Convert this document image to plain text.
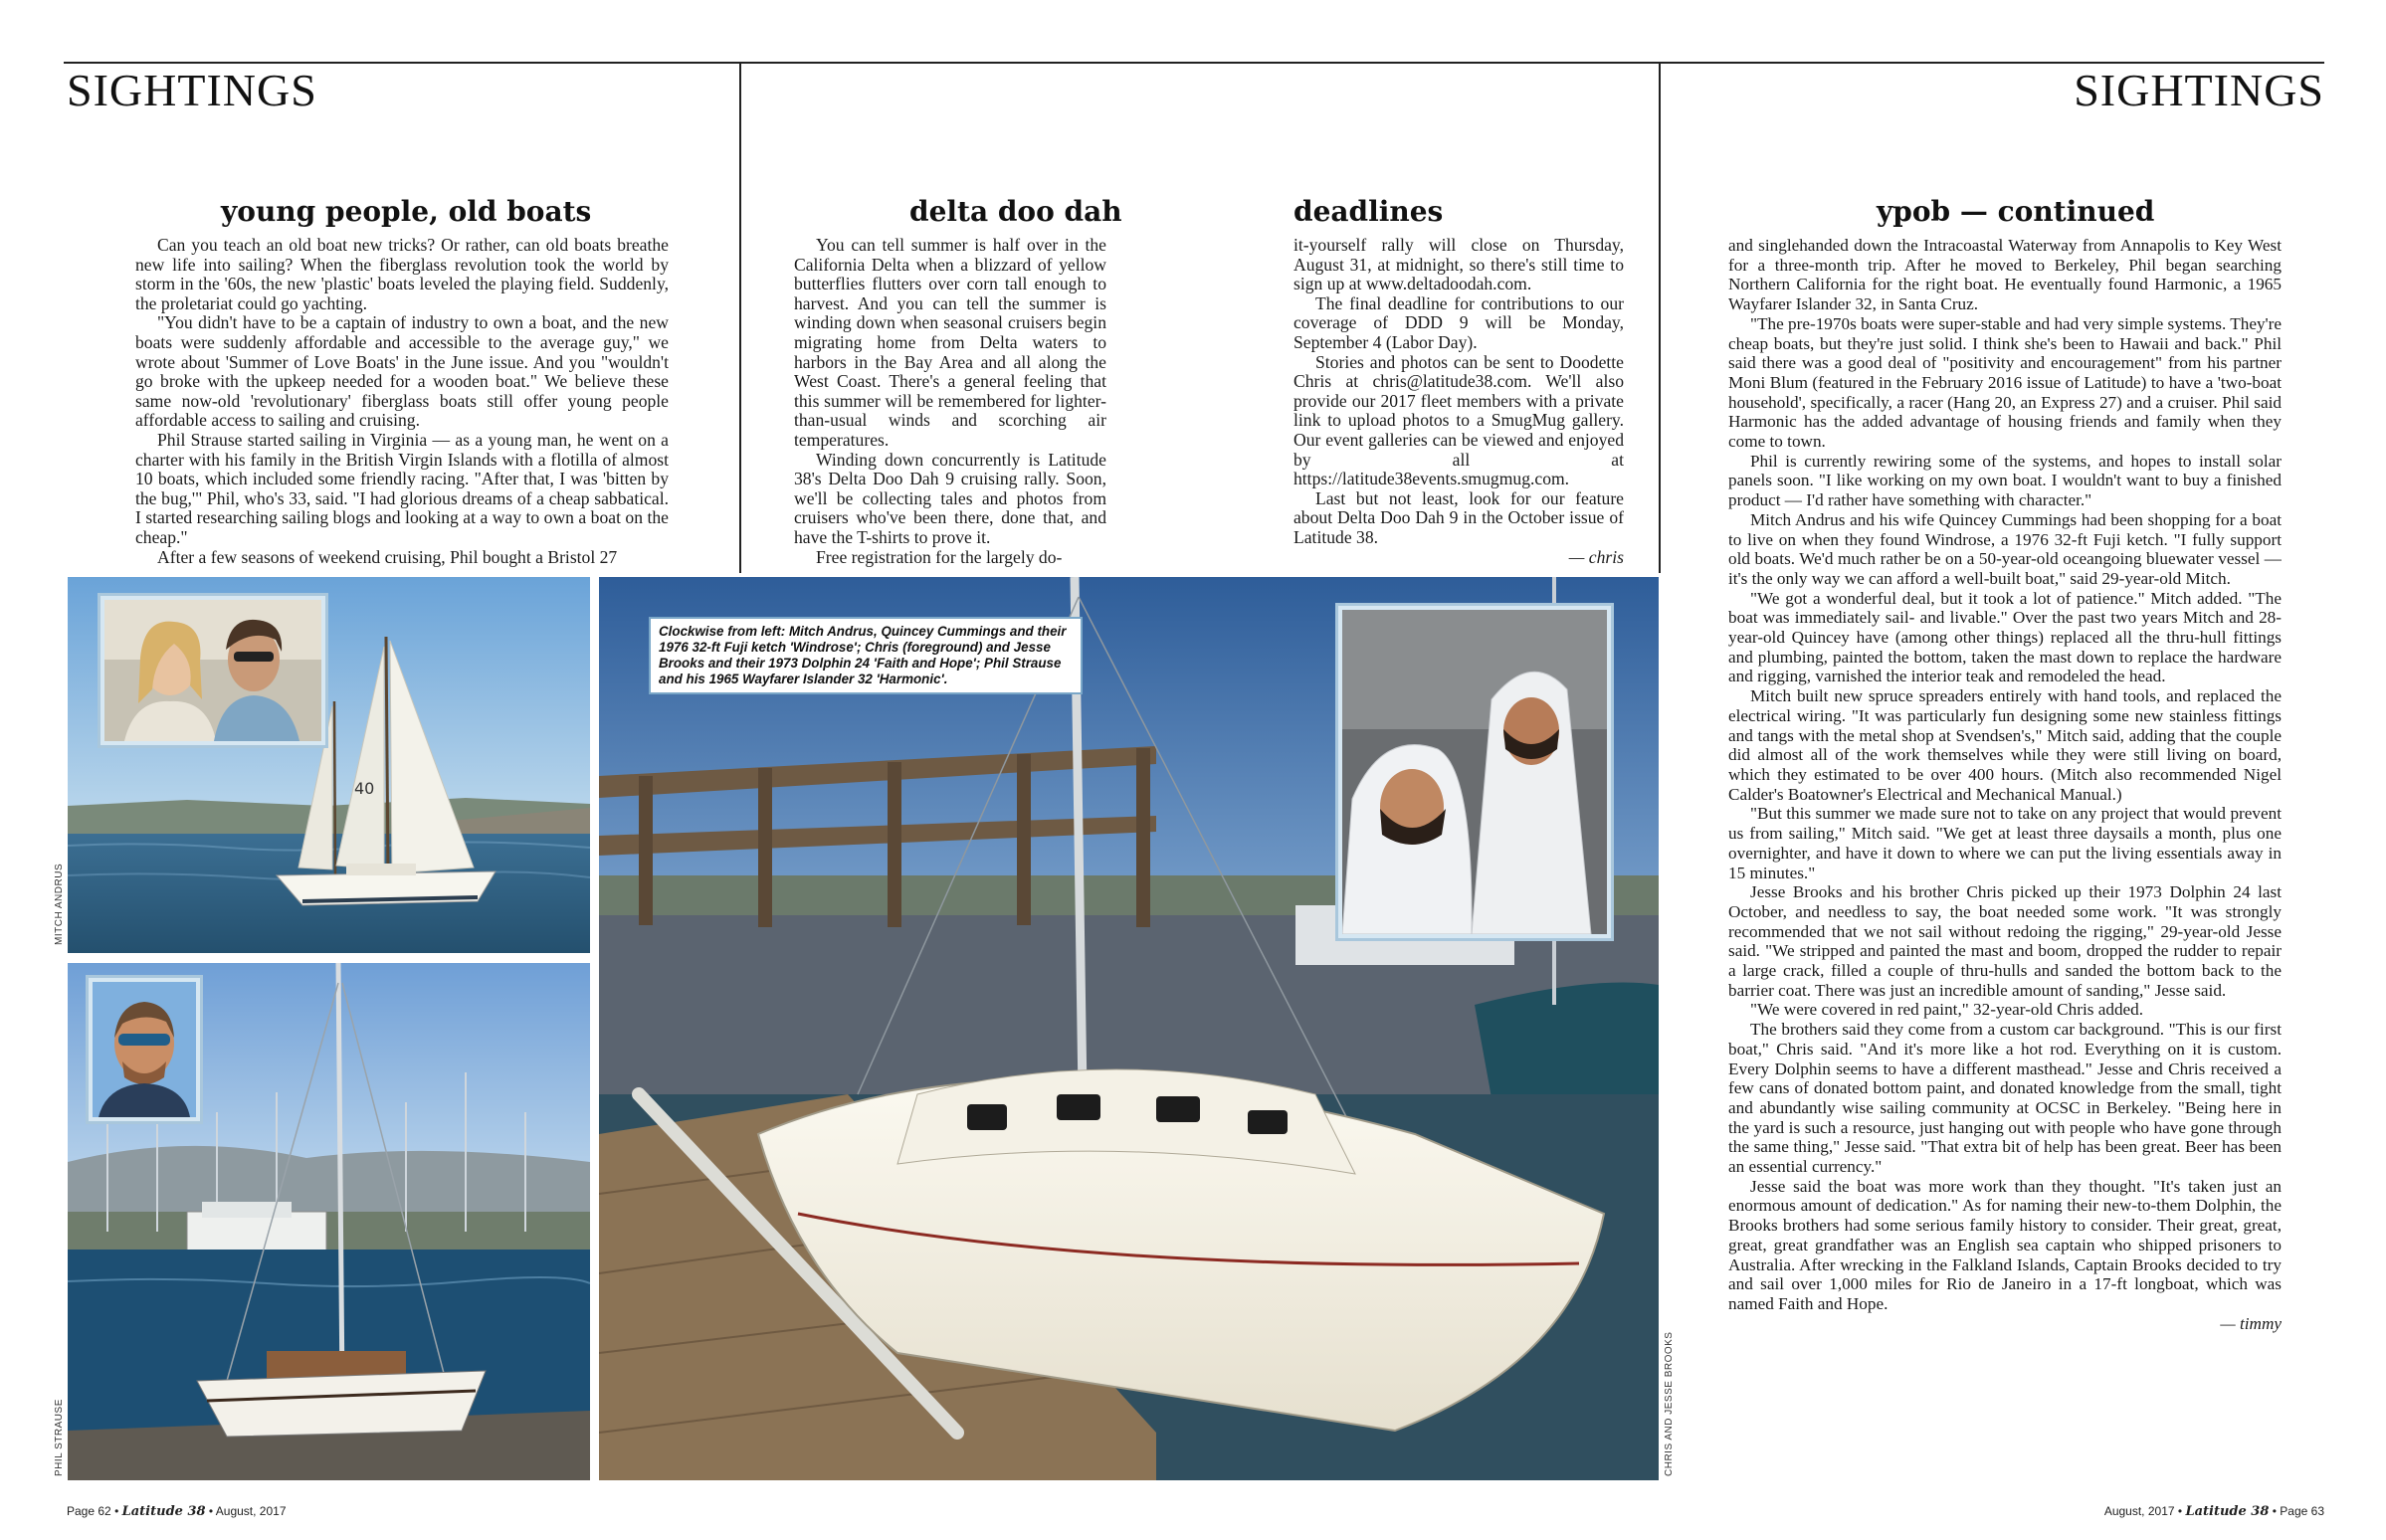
SIGHTINGS	SIGHTINGS
young people, old boats	delta doo dah	deadlines	ypob — continued

Can you teach an old boat new tricks? Or rather, can old boats breathe new life into sailing? When the fiberglass revolution took the world by storm in the '60s, the new 'plastic' boats leveled the playing field. Suddenly, the proletariat could go yachting.

"You didn't have to be a captain of industry to own a boat, and the new boats were suddenly affordable and accessible to the average guy," we wrote about 'Summer of Love Boats' in the June issue. And you "wouldn't go broke with the upkeep needed for a wooden boat." We believe these same now-old 'revolutionary' fiberglass boats still offer young people affordable access to sailing and cruising.

Phil Strause started sailing in Virginia — as a young man, he went on a charter with his family in the British Virgin Islands with a flotilla of almost 10 boats, which included some friendly racing. "After that, I was 'bitten by the bug,'" Phil, who's 33, said. "I had glorious dreams of a cheap sabbatical. I started researching sailing blogs and looking at a way to own a boat on the cheap."

After a few seasons of weekend cruising, Phil bought a Bristol 27

You can tell summer is half over in the California Delta when a blizzard of yellow butterflies flutters over corn tall enough to harvest. And you can tell the summer is winding down when seasonal cruisers begin migrating home from Delta waters to harbors in the Bay Area and all along the West Coast. There's a general feeling that this summer will be remembered for lighter-than-usual winds and scorching air temperatures.

Winding down concurrently is Latitude 38's Delta Doo Dah 9 cruising rally. Soon, we'll be collecting tales and photos from cruisers who've been there, done that, and have the T-shirts to prove it.

Free registration for the largely do-

it-yourself rally will close on Thursday, August 31, at midnight, so there's still time to sign up at www.deltadoodah.com.

The final deadline for contributions to our coverage of DDD 9 will be Monday, September 4 (Labor Day).

Stories and photos can be sent to Doodette Chris at chris@latitude38.com. We'll also provide our 2017 fleet members with a private link to upload photos to a SmugMug gallery. Our event galleries can be viewed and enjoyed by all at https://latitude38events.smugmug.com.

Last but not least, look for our feature about Delta Doo Dah 9 in the October issue of Latitude 38.

— chris

and singlehanded down the Intracoastal Waterway from Annapolis to Key West for a three-month trip. After he moved to Berkeley, Phil began searching Northern California for the right boat. He eventually found Harmonic, a 1965 Wayfarer Islander 32, in Santa Cruz.

"The pre-1970s boats were super-stable and had very simple systems. They're cheap boats, but they're just solid. I think she's been to Hawaii and back." Phil said there was a good deal of "positivity and encouragement" from his partner Moni Blum (featured in the February 2016 issue of Latitude) to have a 'two-boat household', specifically, a racer (Hang 20, an Express 27) and a cruiser. Phil said Harmonic has the added advantage of housing friends and family when they come to town.

Phil is currently rewiring some of the systems, and hopes to install solar panels soon. "I like working on my own boat. I wouldn't want to buy a finished product — I'd rather have something with character."

Mitch Andrus and his wife Quincey Cummings had been shopping for a boat to live on when they found Windrose, a 1976 32-ft Fuji ketch. "I fully support old boats. We'd much rather be on a 50-year-old oceangoing bluewater vessel — it's the only way we can afford a well-built boat," said 29-year-old Mitch.

"We got a wonderful deal, but it took a lot of patience." Mitch added. "The boat was immediately sail- and livable." Over the past two years Mitch and 28-year-old Quincey have (among other things) replaced all the thru-hull fittings and plumbing, painted the bottom, taken the mast down to replace the hardware and rigging, varnished the interior teak and remodeled the head.

Mitch built new spruce spreaders entirely with hand tools, and replaced the electrical wiring. "It was particularly fun designing some new stainless fittings and tangs with the metal shop at Svendsen's," Mitch said, adding that the couple did almost all of the work themselves while they were still living on board, which they estimated to be over 400 hours. (Mitch also recommended Nigel Calder's Boatowner's Electrical and Mechanical Manual.)

"But this summer we made sure not to take on any project that would prevent us from sailing," Mitch said. "We get at least three daysails a month, plus one overnighter, and have it down to where we can put the living essentials away in 15 minutes."

Jesse Brooks and his brother Chris picked up their 1973 Dolphin 24 last October, and needless to say, the boat needed some work. "It was strongly recommended that we not sail without redoing the rigging," 29-year-old Jesse said. "We stripped and painted the mast and boom, dropped the rudder to repair a large crack, filled a couple of thru-hulls and sanded the bottom back to the barrier coat. There was just an incredible amount of sanding," Jesse said.

"We were covered in red paint," 32-year-old Chris added.

The brothers said they come from a custom car background. "This is our first boat," Chris said. "And it's more like a hot rod. Everything on it is custom. Every Dolphin seems to have a different masthead." Jesse and Chris received a few cans of donated bottom paint, and donated knowledge from the small, tight and abundantly wise sailing community at OCSC in Berkeley. "Being here in the yard is such a resource, just hanging out with people who have gone through the same thing," Jesse said. "That extra bit of help has been great. Beer has been an essential currency."

Jesse said the boat was more work than they thought. "It's taken just an enormous amount of dedication." As for naming their new-to-them Dolphin, the Brooks brothers had some serious family history to consider. Their great, great, great, great grandfather was an English sea captain who shipped prisoners to Australia. After wrecking in the Falkland Islands, Captain Brooks decided to try and sail over 1,000 miles for Rio de Janeiro in a 17-ft longboat, which was named Faith and Hope.

— timmy

40
Clockwise from left: Mitch Andrus, Quincey Cummings and their 1976 32-ft Fuji ketch 'Windrose'; Chris (foreground) and Jesse Brooks and their 1973 Dolphin 24 'Faith and Hope'; Phil Strause and his 1965 Wayfarer Islander 32 'Harmonic'.
MITCH ANDRUS
PHIL STRAUSE	CHRIS AND JESSE BROOKS
Page 62 • Latitude 38 • August, 2017	August, 2017 • Latitude 38 • Page 63
